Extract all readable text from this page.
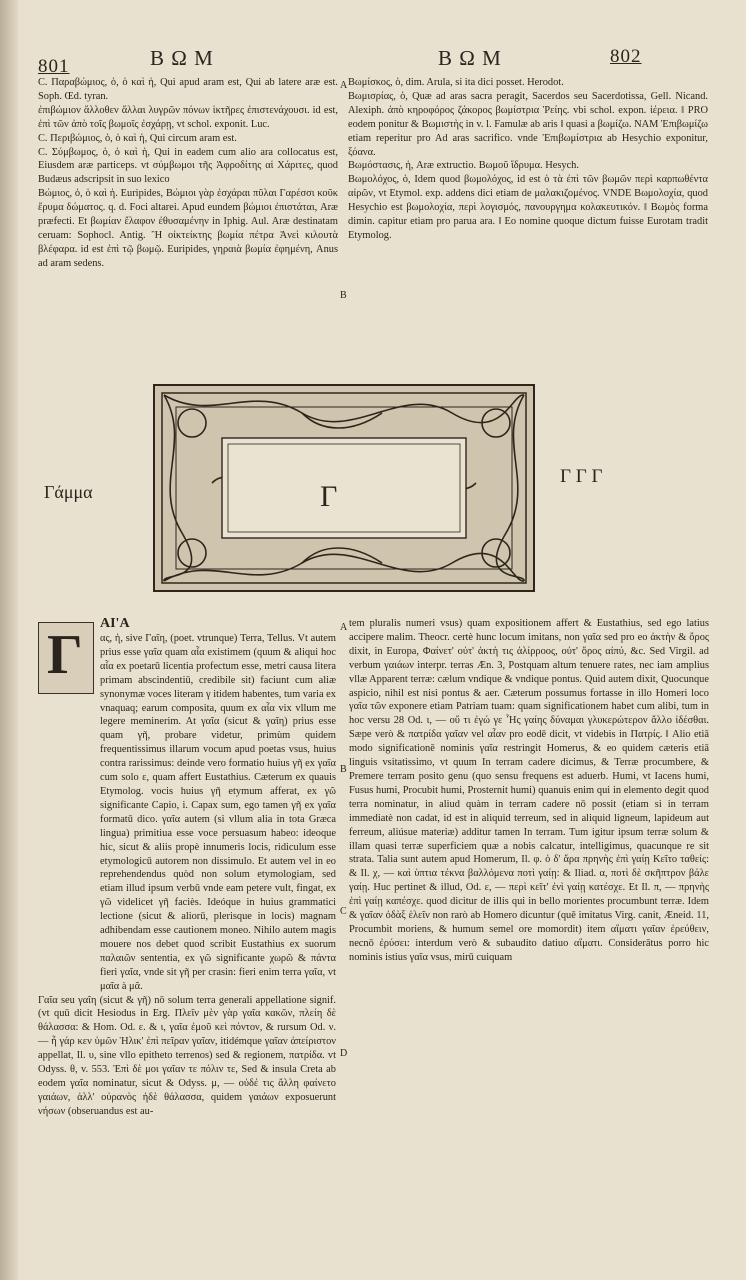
801	Β Ω Μ	Β Ω Μ	802

C. Παραβώμιος, ὁ, ὁ καὶ ἡ, Qui apud aram est, Qui ab latere aræ est. Soph. Œd. tyran.

ἐπιβώμιον ἄλλοθεν ἄλλαι λυγρῶν πόνων ἱκτῆρες ἐπιστενάχουσι. id est, ἐπὶ τῶν ἀπὸ τοῖς βωμοῖς ἐσχάρῃ, vt schol. exponit. Luc.

C. Περιβώμιος, ὁ, ὁ καὶ ἡ, Qui circum aram est.

C. Σύμβωμος, ὁ, ὁ καὶ ἡ, Qui in eadem cum alio ara collocatus est, Eiusdem aræ particeps. vt σύμβωμοι τῆς Ἀφροδίτης αἱ Χάριτες, quod Budæus adscripsit in suo lexico

Βώμιος, ὁ, ὁ καὶ ἡ. Euripides, Βώμιοι γὰρ ἐσχάραι πῦλαι Γαρέσσι κοῦκ ἔρυμα δώματος. q. d. Foci altarei. Apud eundem βώμιοι ἐπιστάται, Aræ præfecti. Et βωμίαν ἔλαφον ἐθυσαμένην in Iphig. Aul. Aræ destinatam ceruam: Sophocl. Antig. Ἢ οἰκτείκτης βωμία πέτρα Ἀνεὶ κιλουτὰ βλέφαρα. id est ἐπὶ τῷ βωμῷ. Euripides, γηραιὰ βωμία ἐφημένη, Anus ad aram sedens.

A
B

Βωμίσκος, ὁ, dim. Arula, si ita dici posset. Herodot.

Βωμισρίας, ὁ, Quæ ad aras sacra peragit, Sacerdos seu Sacerdotissa, Gell. Nicand. Alexiph. ἀπὸ κηροφόρος ζάκορος βωμίστρια Ῥείης. vbi schol. expon. ἱέρεια. ‖ PRO eodem ponitur & Βωμιστὴς in v. l. Famulæ ab aris ‖ quasi a βωμίζω. NAM Ἐπιβωμίζω etiam reperitur pro Ad aras sacrifico. vnde Ἐπιβωμίστρια ab Hesychio exponitur, ξόανα.

Βωμόστασις, ἡ, Aræ extructio. Βωμοῦ ἵδρυμα. Hesych.

Βωμολόχος, ὁ, Idem quod βωμολόχος, id est ὁ τὰ ἐπὶ τῶν βωμῶν περὶ καρπωθέντα αἰρῶν, vt Etymol. exp. addens dici etiam de μαλακιζομένος. VNDE Βωμολοχία, quod Hesychio est βωμολοχία, περὶ λογισμός, πανουργημα κολακευτικόν. ‖ Βωμὸς forma dimin. capitur etiam pro parua ara. ‖ Eo nomine quoque dictum fuisse Eurotam tradit Etymolog.

Γάμμα
Γ Γ Γ
Γ
Γ
ΑΙ'Α

ας, ἡ, sive Γαῖη, (poet. vtrunque) Terra, Tellus. Vt autem prius esse γαῖα quam αἶα existimem (quum & aliqui hoc αἶα ex poetarū licentia profectum esse, metri causa litera primam abscindentiū, credibile sit) faciunt cum aliæ synonymæ voces literam γ itidem habentes, tum varia ex vnaquaq; earum composita, quum ex αἶα vix vllum me legere meminerim. At γαῖα (sicut & γαῖη) prius esse quam γῆ, probare videtur, primùm quidem frequentissimus illarum vocum apud poetas vsus, huius contra rarissimus: deinde vero formatio huius γῆ ex γαῖα cum solo ε, quam affert Eustathius. Cæterum ex quauis Etymolog. vocis huius γῆ etymum afferat, ex γῶ significante Capio, i. Capax sum, ego tamen γῆ ex γαῖα formatū dico. γαῖα autem (si vllum alia in tota Græca lingua) primitiua esse voce persuasum habeo: ideoque hic, sicut & aliis propè innumeris locis, ridiculum esse etymologicū autorem non dissimulo. Et autem vel in eo reprehendendus quòd non solum etymologiam, sed etiam illud ipsum verbū vnde eam petere vult, fingat, ex γῶ videlicet γῆ faciès. Ideóque in huius grammatici lectione (sicut & aliorū, plerisque in locis) magnam adhibendam esse cautionem moneo. Nihilo autem magis mouere nos debet quod scribit Eustathius ex suorum παλαιῶν sententia, ex γῶ significante χωρῶ & πάντα fieri γαῖα, vnde sit γῆ per crasin: fieri enim terra γαῖα, vt μαῖα à μᾶ.

Γαῖα seu γαῖη (sicut & γῆ) nō solum terra generali appellatione signif. (vt quū dicit Hesiodus in Erg. Πλεῖν μὲν γὰρ γαῖα κακῶν, πλείη δὲ θάλασσα: & Hom. Od. ε. & ι, γαῖα ἐμοῦ κεὶ πόντον, & rursum Od. ν. — ἦ γάρ κεν ὑμῶν Ἡλικ' ἐπὶ πεῖραν γαῖαν, itidémque γαῖαν ἀπείριστον appellat, Il. υ, sine vllo epitheto terrenos) sed & regionem, πατρίδα. vt Odyss. θ, v. 553. Ἐπὶ δὲ μοι γαῖαν τε πόλιν τε, Sed & insula Creta ab eodem γαῖα nominatur, sicut & Odyss. μ, — οὐδέ τις ἄλλη φαίνετο γαιάων, ἀλλ' οὐρανὸς ἠδὲ θάλασσα, quidem γαιάων exposuerunt νήσων (obseruandus est au-

A
B
C
D

tem pluralis numeri vsus) quam expositionem affert & Eustathius, sed ego latius accipere malim. Theocr. certè hunc locum imitans, non γαῖα sed pro eo ἀκτὴν & ὄρος dixit, in Europa, Φαίνετ' οὐτ' ἀκτὴ τις ἁλίρροος, οὐτ' ὄρος αἰπύ, &c. Sed Virgil. ad verbum γαιάων interpr. terras Æn. 3, Postquam altum tenuere rates, nec iam amplius vllæ Apparent terræ: cælum vndique & vndique pontus. Quid autem dixit, Quocunque aspicio, nihil est nisi pontus & aer. Cæterum possumus fortasse in illo Homeri loco γαῖα τῶν exponere etiam Patriam tuam: quam significationem habet cum alibi, tum in hoc versu 28 Od. ι, — οὔ τι ἐγώ γε Ἧς γαίης δύναμαι γλυκερώτερον ἄλλο ἰδέσθαι. Sæpe verò & πατρίδα γαῖαν vel αἶαν pro eodē dicit, vt videbis in Πατρίς. ‖ Alio etiā modo significationē nominis γαῖα restringit Homerus, & eo quidem cæteris etiā linguis vsitatissimo, vt quum In terram cadere dicimus, & Terræ procumbere, & Premere terram posito genu (quo sensu frequens est aduerb. Humi, vt Iacens humi, Fusus humi, Procubit humi, Prosternit humi) quanuis enim qui in elemento degit quod terra nominatur, in aliud quàm in terram cadere nō possit (etiam si in terram immediatè non cadat, id est in aliquid terreum, sed in aliquid ligneum, lapideum aut ferreum, aliúsue materiæ) additur tamen In terram. Tum igitur ipsum terræ solum & illam quasi terræ superficiem quæ a nobis calcatur, intelligimus, quacunque re sit strata. Talia sunt autem apud Homerum, Il. φ. ὁ δ' ἄρα πρηνὴς ἐπὶ γαίῃ Κεῖτο ταθείς: & Il. χ, — καὶ ὑπτια τέκνα βαλλόμενα ποτὶ γαίῃ: & Iliad. α, ποτὶ δὲ σκῆπτρον βάλε γαίῃ. Huc pertinet & illud, Od. ε, — περὶ κεῖτ' ἐνὶ γαίῃ κατέσχε. Et Il. π, — πρηνὴς ἐπὶ γαίῃ καπέσχε. quod dicitur de illis qui in bello morientes procumbunt terræ. Idem & γαῖαν ὀδὰξ ἑλεῖν non rarò ab Homero dicuntur (quē imitatus Virg. canit, Æneid. 11, Procumbit moriens, & humum semel ore momordit) item αἵματι γαῖαν ἐρεύθειν, necnō ἐρύσει: interdum verò & subaudito datiuo αἵματι. Considerātus porro hic nominis istius γαῖα vsus, mirū cuiquam
